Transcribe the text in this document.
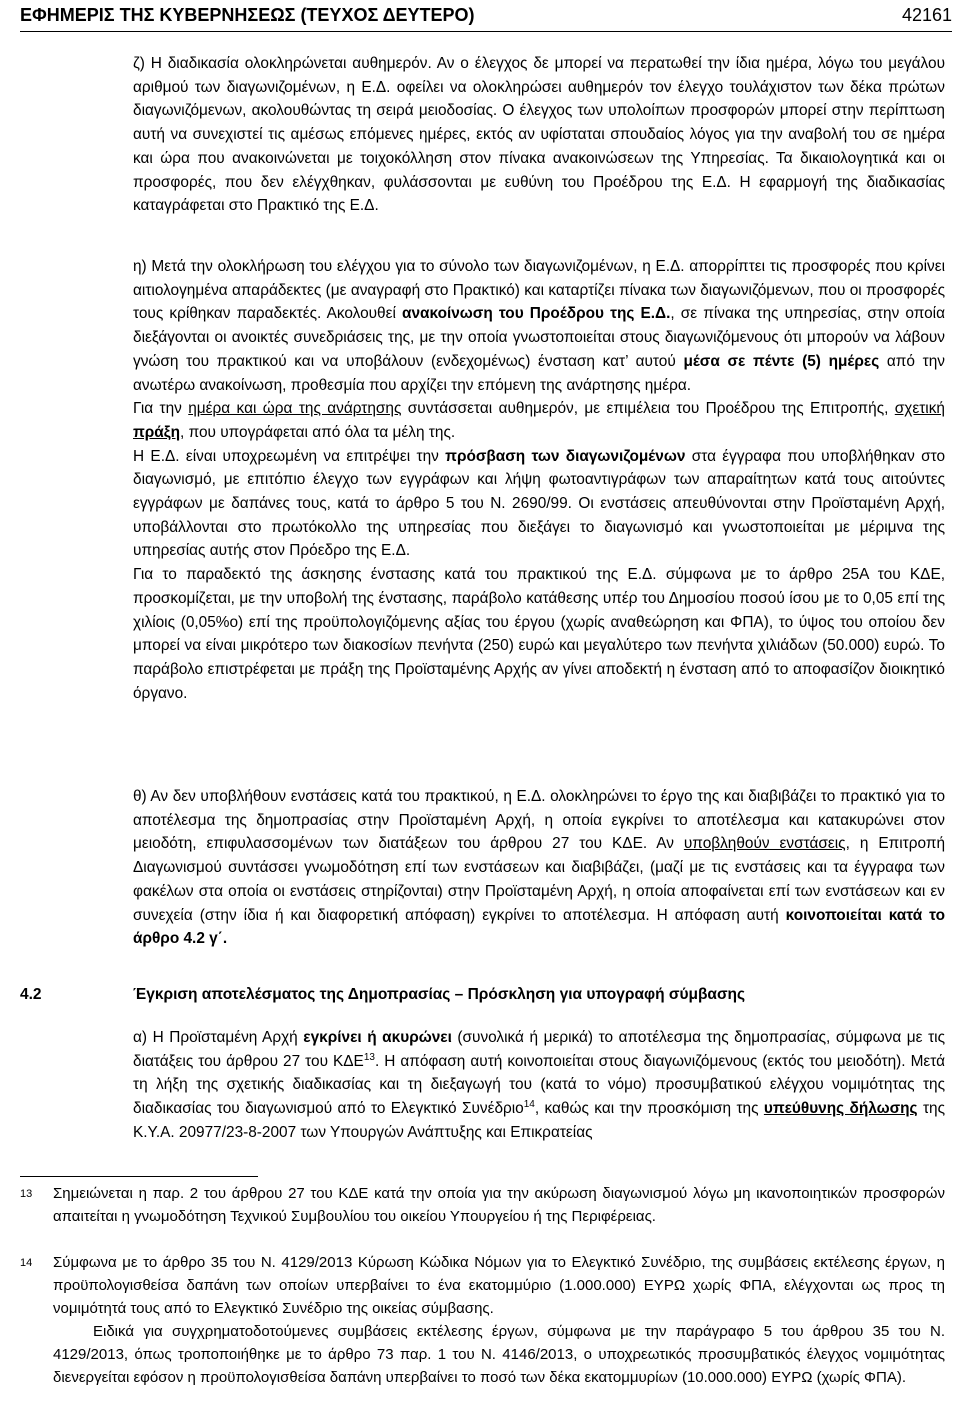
ΕΦΗΜΕΡΙΣ ΤΗΣ ΚΥΒΕΡΝΗΣΕΩΣ (ΤΕΥΧΟΣ ΔΕΥΤΕΡΟ)	42161

ζ) Η διαδικασία ολοκληρώνεται αυθημερόν. Αν ο έλεγχος δε μπορεί να περατωθεί την ίδια ημέρα, λόγω του μεγάλου αριθμού των διαγωνιζομένων, η Ε.Δ. οφείλει να ολοκληρώσει αυθημερόν τον έλεγχο τουλάχιστον των δέκα πρώτων διαγωνιζόμενων, ακολουθώντας τη σειρά μειοδοσίας. Ο έλεγχος των υπολοίπων προσφορών μπορεί στην περίπτωση αυτή να συνεχιστεί τις αμέσως επόμενες ημέρες, εκτός αν υφίσταται σπουδαίος λόγος για την αναβολή του σε ημέρα και ώρα που ανακοινώνεται με τοιχοκόλληση στον πίνακα ανακοινώσεων της Υπηρεσίας. Τα δικαιολογητικά και οι προσφορές, που δεν ελέγχθηκαν, φυλάσσονται με ευθύνη του Προέδρου της Ε.Δ. Η εφαρμογή της διαδικασίας καταγράφεται στο Πρακτικό της Ε.Δ.

η) Μετά την ολοκλήρωση του ελέγχου για το σύνολο των διαγωνιζομένων, η Ε.Δ. απορρίπτει τις προσφορές που κρίνει αιτιολογημένα απαράδεκτες (με αναγραφή στο Πρακτικό) και καταρτίζει πίνακα των διαγωνιζόμενων, που οι προσφορές τους κρίθηκαν παραδεκτές. Ακολουθεί ανακοίνωση του Προέδρου της Ε.Δ., σε πίνακα της υπηρεσίας, στην οποία διεξάγονται οι ανοικτές συνεδριάσεις της, με την οποία γνωστοποιείται στους διαγωνιζόμενους ότι μπορούν να λάβουν γνώση του πρακτικού και να υποβάλουν (ενδεχομένως) ένσταση κατ’ αυτού μέσα σε πέντε (5) ημέρες από την ανωτέρω ανακοίνωση, προθεσμία που αρχίζει την επόμενη της ανάρτησης ημέρα.

Για την ημέρα και ώρα της ανάρτησης συντάσσεται αυθημερόν, με επιμέλεια του Προέδρου της Επιτροπής, σχετική πράξη, που υπογράφεται από όλα τα μέλη της.

Η Ε.Δ. είναι υποχρεωμένη να επιτρέψει την πρόσβαση των διαγωνιζομένων στα έγγραφα που υποβλήθηκαν στο διαγωνισμό, με επιτόπιο έλεγχο των εγγράφων και λήψη φωτοαντιγράφων των απαραίτητων κατά τους αιτούντες εγγράφων με δαπάνες τους, κατά το άρθρο 5 του Ν. 2690/99. Οι ενστάσεις απευθύνονται στην Προϊσταμένη Αρχή, υποβάλλονται στο πρωτόκολλο της υπηρεσίας που διεξάγει το διαγωνισμό και γνωστοποιείται με μέριμνα της υπηρεσίας αυτής στον Πρόεδρο της Ε.Δ.

Για το παραδεκτό της άσκησης ένστασης κατά του πρακτικού της Ε.Δ. σύμφωνα με το άρθρο 25Α του ΚΔΕ, προσκομίζεται, με την υποβολή της ένστασης, παράβολο κατάθεσης υπέρ του Δημοσίου ποσού ίσου με το 0,05 επί της χιλίοις (0,05%ο) επί της προϋπολογιζόμενης αξίας του έργου (χωρίς αναθεώρηση και ΦΠΑ), το ύψος του οποίου δεν μπορεί να είναι μικρότερο των διακοσίων πενήντα (250) ευρώ και μεγαλύτερο των πενήντα χιλιάδων (50.000) ευρώ. Το παράβολο επιστρέφεται με πράξη της Προϊσταμένης Αρχής αν γίνει αποδεκτή η ένσταση από το αποφασίζον διοικητικό όργανο.

θ) Αν δεν υποβλήθουν ενστάσεις κατά του πρακτικού, η Ε.Δ. ολοκληρώνει το έργο της και διαβιβάζει το πρακτικό για το αποτέλεσμα της δημοπρασίας στην Προϊσταμένη Αρχή, η οποία εγκρίνει το αποτέλεσμα και κατακυρώνει στον μειοδότη, επιφυλασσομένων των διατάξεων του άρθρου 27 του ΚΔΕ. Αν υποβληθούν ενστάσεις, η Επιτροπή Διαγωνισμού συντάσσει γνωμοδότηση επί των ενστάσεων και διαβιβάζει, (μαζί με τις ενστάσεις και τα έγγραφα των φακέλων στα οποία οι ενστάσεις στηρίζονται) στην Προϊσταμένη Αρχή, η οποία αποφαίνεται επί των ενστάσεων και εν συνεχεία (στην ίδια ή και διαφορετική απόφαση) εγκρίνει το αποτέλεσμα. Η απόφαση αυτή κοινοποιείται κατά το άρθρο 4.2 γ΄.

4.2	Έγκριση αποτελέσματος της Δημοπρασίας – Πρόσκληση για υπογραφή σύμβασης

α) Η Προϊσταμένη Αρχή εγκρίνει ή ακυρώνει (συνολικά ή μερικά) το αποτέλεσμα της δημοπρασίας, σύμφωνα με τις διατάξεις του άρθρου 27 του ΚΔΕ$^{13}$. Η απόφαση αυτή κοινοποιείται στους διαγωνιζόμενους (εκτός του μειοδότη). Μετά τη λήξη της σχετικής διαδικασίας και τη διεξαγωγή του (κατά το νόμο) προσυμβατικού ελέγχου νομιμότητας της διαδικασίας του διαγωνισμού από το Ελεγκτικό Συνέδριο$^{14}$, καθώς και την προσκόμιση της υπεύθυνης δήλωσης της Κ.Υ.Α. 20977/23-8-2007 των Υπουργών Ανάπτυξης και Επικρατείας

13 Σημειώνεται η παρ. 2 του άρθρου 27 του ΚΔΕ κατά την οποία για την ακύρωση διαγωνισμού λόγω μη ικανοποιητικών προσφορών απαιτείται η γνωμοδότηση Τεχνικού Συμβουλίου του οικείου Υπουργείου ή της Περιφέρειας.
14 Σύμφωνα με το άρθρο 35 του Ν. 4129/2013 Κύρωση Κώδικα Νόμων για το Ελεγκτικό Συνέδριο, της συμβάσεις εκτέλεσης έργων, η προϋπολογισθείσα δαπάνη των οποίων υπερβαίνει το ένα εκατομμύριο (1.000.000) ΕΥΡΩ χωρίς ΦΠΑ, ελέγχονται ως προς τη νομιμότητά τους από το Ελεγκτικό Συνέδριο της οικείας σύμβασης.
Ειδικά για συγχρηματοδοτούμενες συμβάσεις εκτέλεσης έργων, σύμφωνα με την παράγραφο 5 του άρθρου 35 του Ν. 4129/2013, όπως τροποποιήθηκε με το άρθρο 73 παρ. 1 του Ν. 4146/2013, ο υποχρεωτικός προσυμβατικός έλεγχος νομιμότητας διενεργείται εφόσον η προϋπολογισθείσα δαπάνη υπερβαίνει το ποσό των δέκα εκατομμυρίων (10.000.000) ΕΥΡΩ (χωρίς ΦΠΑ).
